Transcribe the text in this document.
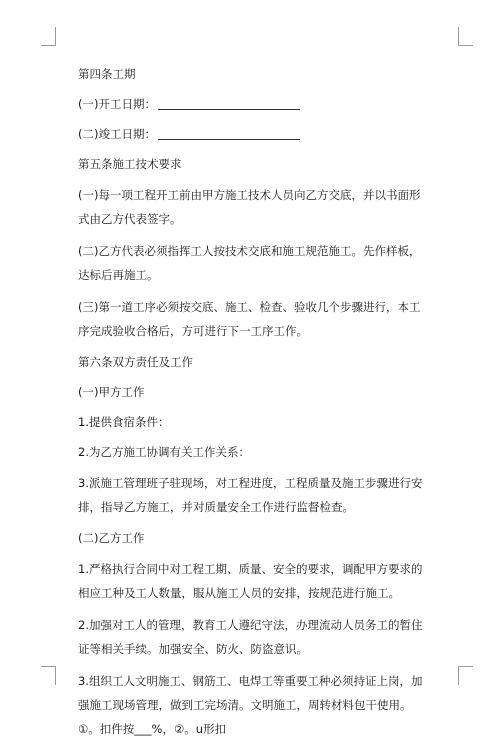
第四条工期

(一)开工日期：

(二)竣工日期：

第五条施工技术要求

(一)每一项工程开工前由甲方施工技术人员向乙方交底，并以书面形式由乙方代表签字。

(二)乙方代表必须指挥工人按技术交底和施工规范施工。先作样板，达标后再施工。

(三)第一道工序必须按交底、施工、检查、验收几个步骤进行，本工序完成验收合格后，方可进行下一工序工作。

第六条双方责任及工作

(一)甲方工作

1.提供食宿条件：

2.为乙方施工协调有关工作关系：

3.派施工管理班子驻现场，对工程进度，工程质量及施工步骤进行安排，指导乙方施工，并对质量安全工作进行监督检查。

(二)乙方工作

1.严格执行合同中对工程工期、质量、安全的要求，调配甲方要求的相应工种及工人数量，服从施工人员的安排，按规范进行施工。

2.加强对工人的管理，教育工人遵纪守法，办理流动人员务工的暂住证等相关手续。加强安全、防火、防盗意识。

3.组织工人文明施工、钢筋工、电焊工等重要工种必须持证上岗，加强施工现场管理，做到工完场清。文明施工，周转材料包干使用。①。扣件按___%，②。u形扣
